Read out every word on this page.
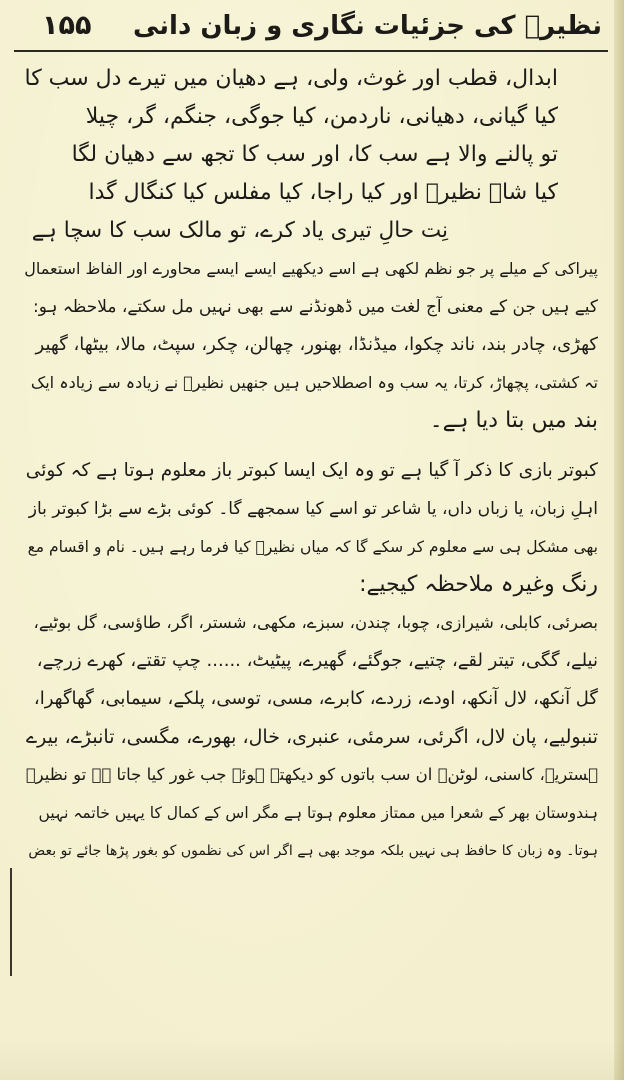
نظیرؔ کی جزئیات نگاری و زبان دانی
۱۵۵
ابدال، قطب اور غوث، ولی، ہے دھیان میں تیرے دل سب کا
کیا گیانی، دھیانی، ناردمن، کیا جوگی، جنگم، گر، چیلا
تو پالنے والا ہے سب کا، اور سب کا تجھ سے دھیان لگا
کیا شاہ نظیرؔ اور کیا راجا، کیا مفلس کیا کنگال گدا
نِت حالِ تیری یاد کرے، تو مالک سب کا سچا ہے
پیراکی کے میلے پر جو نظم لکھی ہے اسے دیکھیے ایسے ایسے محاورے اور الفاظ استعمال
کیے ہیں جن کے معنی آج لغت میں ڈھونڈنے سے بھی نہیں مل سکتے، ملاحظہ ہو:
کھڑی، چادر بند، ناند چکوا، میڈنڈا، بھنور، چھالن، چکر، سپٹ، مالا، بیٹھا، گھیر
تہ کشتی، پچھاڑ، کرتا، یہ سب وہ اصطلاحیں ہیں جنھیں نظیرؔ نے زیادہ سے زیادہ ایک
بند میں بتا دیا ہے۔
کبوتر بازی کا ذکر آ گیا ہے تو وہ ایک ایسا کبوتر باز معلوم ہوتا ہے کہ کوئی
اہلِ زبان، یا زباں داں، یا شاعر تو اسے کیا سمجھے گا۔ کوئی بڑے سے بڑا کبوتر باز
بھی مشکل ہی سے معلوم کر سکے گا کہ میاں نظیرؔ کیا فرما رہے ہیں۔ نام و اقسام مع
رنگ وغیرہ ملاحظہ کیجیے:
بصرئی، کابلی، شیرازی، چوبا، چندن، سبزے، مکھی، شستر، اگر، طاؤسی، گل بوٹیے،
نیلے، گگی، تیتر لقے، چتیے، جوگئے، گھیرے، پیٹیٹ، ...... چپ تقتے، کھرے زرچے،
گل آنکھ، لال آنکھ، اودے، زردے، کابرے، مسی، توسی، پلکے، سیمابی، گھاگھرا،
تنبولیے، پان لال، اگرئی، سرمئی، عنبری، خال، بھورے، مگسی، تانبڑے، بیرے
ہستریے، کاسنی، لوٹن۔ ان سب باتوں کو دیکھتے ہوئے جب غور کیا جاتا ہے تو نظیرؔ
ہندوستان بھر کے شعرا میں ممتاز معلوم ہوتا ہے مگر اس کے کمال کا یہیں خاتمہ نہیں
ہوتا۔ وہ زبان کا حافظ ہی نہیں بلکہ موجد بھی ہے اگر اس کی نظموں کو بغور پڑھا جائے تو بعض
